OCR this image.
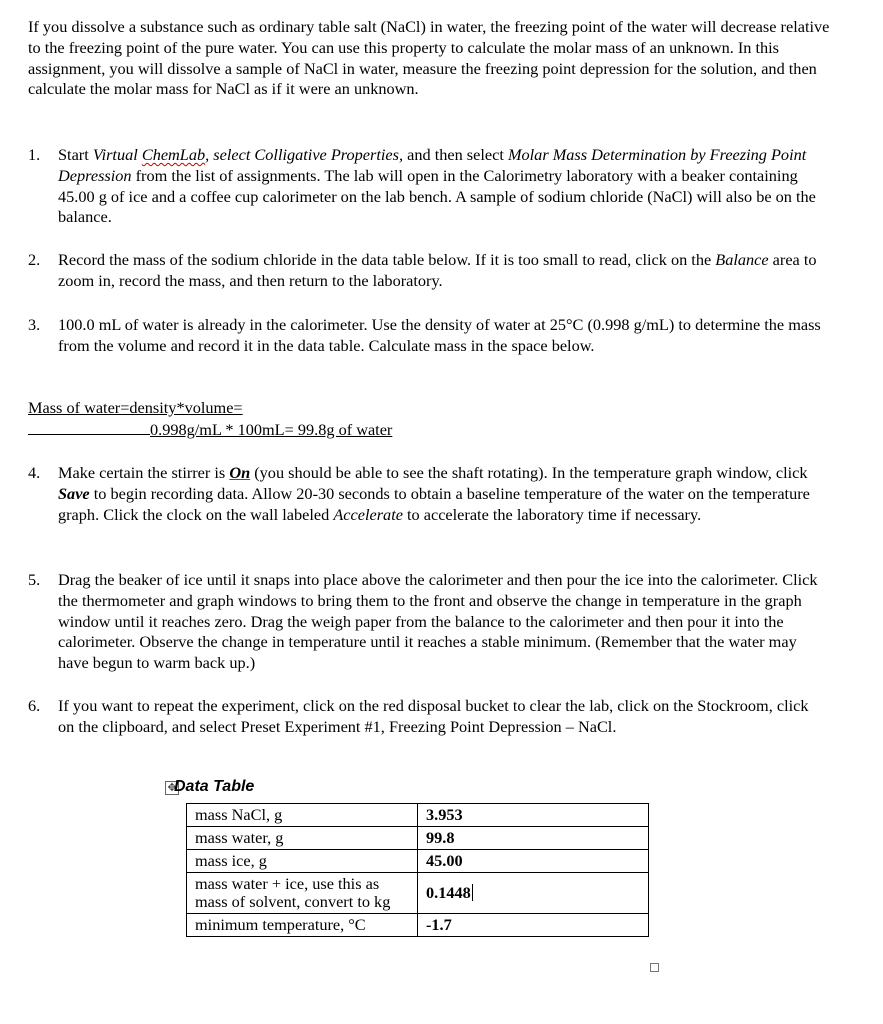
If you dissolve a substance such as ordinary table salt (NaCl) in water, the freezing point of the water will decrease relative to the freezing point of the pure water. You can use this property to calculate the molar mass of an unknown. In this assignment, you will dissolve a sample of NaCl in water, measure the freezing point depression for the solution, and then calculate the molar mass for NaCl as if it were an unknown.

1. Start Virtual ChemLab, select Colligative Properties, and then select Molar Mass Determination by Freezing Point Depression from the list of assignments. The lab will open in the Calorimetry laboratory with a beaker containing 45.00 g of ice and a coffee cup calorimeter on the lab bench. A sample of sodium chloride (NaCl) will also be on the balance.
2. Record the mass of the sodium chloride in the data table below. If it is too small to read, click on the Balance area to zoom in, record the mass, and then return to the laboratory.
3. 100.0 mL of water is already in the calorimeter. Use the density of water at 25°C (0.998 g/mL) to determine the mass from the volume and record it in the data table. Calculate mass in the space below.

Mass of water=density*volume=

0.998g/mL * 100mL= 99.8g of water

4. Make certain the stirrer is On (you should be able to see the shaft rotating). In the temperature graph window, click Save to begin recording data. Allow 20-30 seconds to obtain a baseline temperature of the water on the temperature graph. Click the clock on the wall labeled Accelerate to accelerate the laboratory time if necessary.
5. Drag the beaker of ice until it snaps into place above the calorimeter and then pour the ice into the calorimeter. Click the thermometer and graph windows to bring them to the front and observe the change in temperature in the graph window until it reaches zero. Drag the weigh paper from the balance to the calorimeter and then pour it into the calorimeter. Observe the change in temperature until it reaches a stable minimum. (Remember that the water may have begun to warm back up.)
6. If you want to repeat the experiment, click on the red disposal bucket to clear the lab, click on the Stockroom, click on the clipboard, and select Preset Experiment #1, Freezing Point Depression – NaCl.
✥

Data Table

mass NaCl, g	3.953
mass water, g	99.8
mass ice, g	45.00
mass water + ice, use this as mass of solvent, convert to kg	0.1448
minimum temperature, °C	-1.7
